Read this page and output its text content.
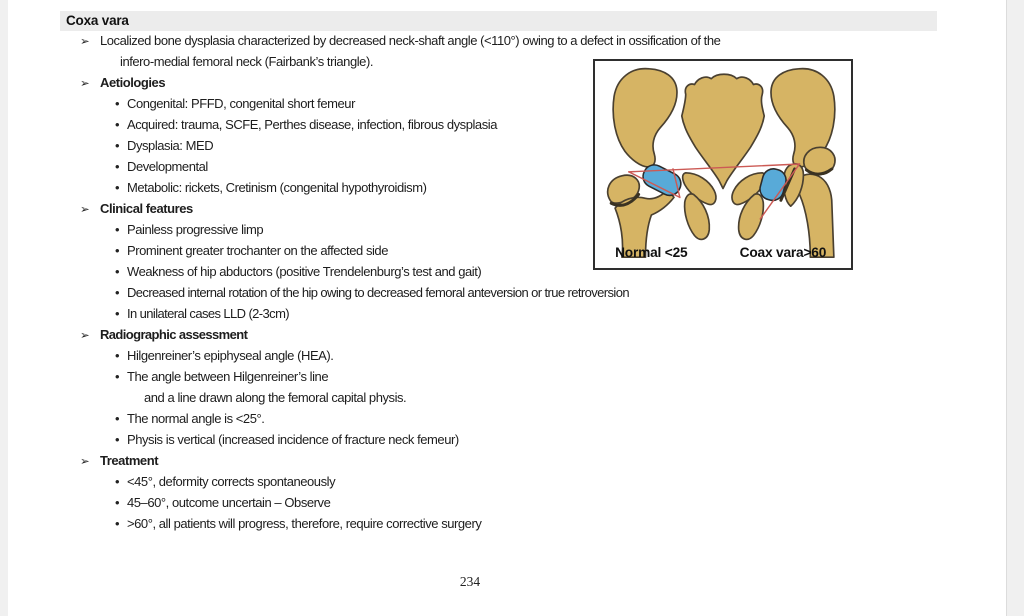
Coxa vara
➢ Localized bone dysplasia characterized by decreased neck-shaft angle (<110°) owing to a defect in ossification of the
infero-medial femoral neck (Fairbank’s triangle).
➢ Aetiologies
• Congenital: PFFD, congenital short femeur
• Acquired: trauma, SCFE, Perthes disease, infection, fibrous dysplasia
• Dysplasia: MED
• Developmental
• Metabolic: rickets, Cretinism (congenital hypothyroidism)
➢ Clinical features
• Painless progressive limp
• Prominent greater trochanter on the affected side
• Weakness of hip abductors (positive Trendelenburg’s test and gait)
• Decreased internal rotation of the hip owing to decreased femoral anteversion or true retroversion
• In unilateral cases LLD (2-3cm)
➢ Radiographic assessment
• Hilgenreiner’s epiphyseal angle (HEA).
• The angle between Hilgenreiner’s line
and a line drawn along the femoral capital physis.
• The normal angle is <25°.
• Physis is vertical (increased incidence of fracture neck femeur)
➢ Treatment
• <45°, deformity corrects spontaneously
• 45–60°, outcome uncertain – Observe
• >60°, all patients will progress, therefore, require corrective surgery
Normal <25	Coax vara>60
234
